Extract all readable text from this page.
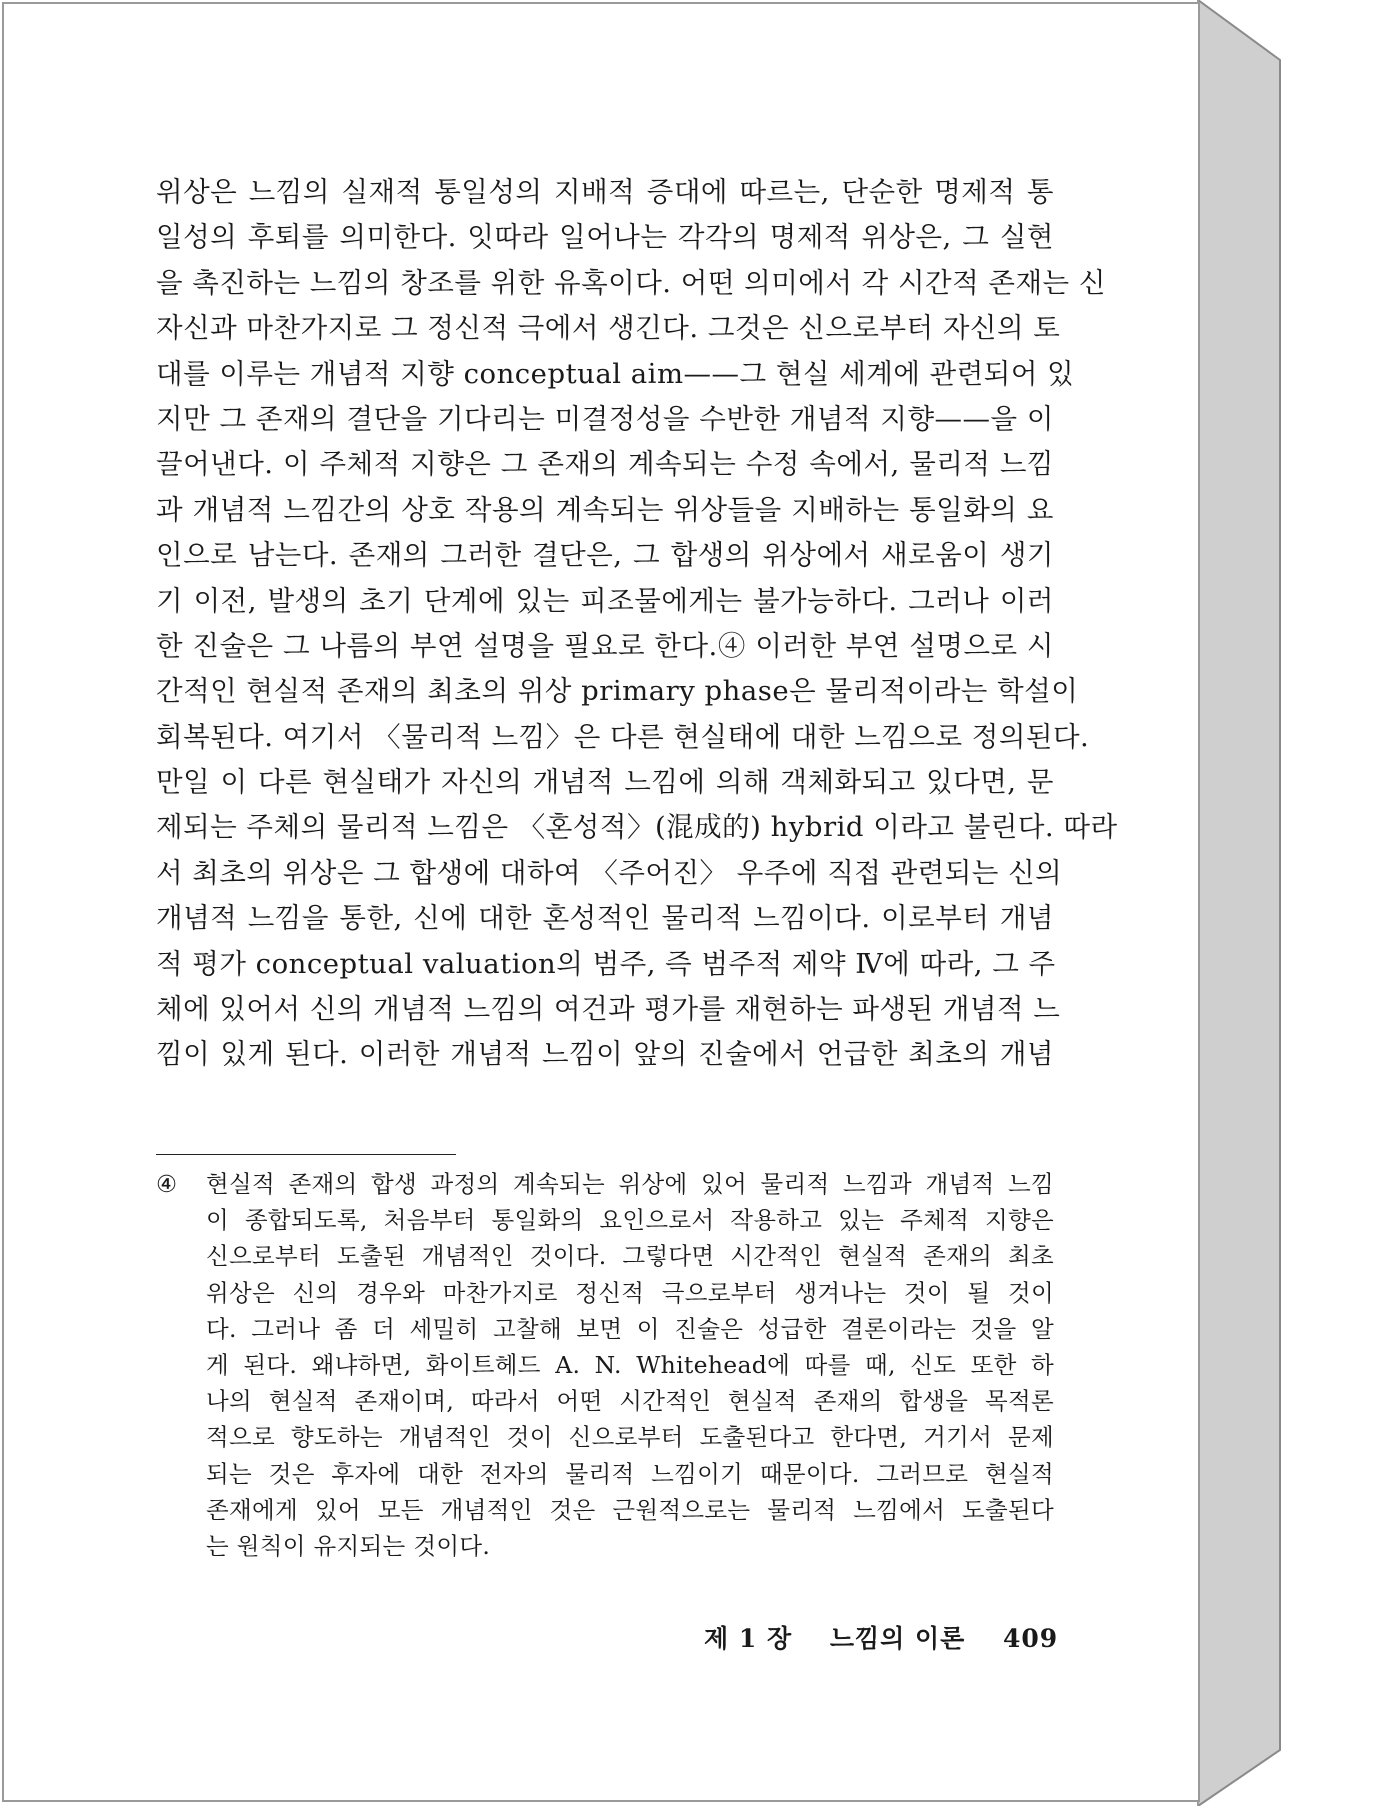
위상은 느낌의 실재적 통일성의 지배적 증대에 따르는, 단순한 명제적 통
일성의 후퇴를 의미한다. 잇따라 일어나는 각각의 명제적 위상은, 그 실현
을 촉진하는 느낌의 창조를 위한 유혹이다. 어떤 의미에서 각 시간적 존재는 신
자신과 마찬가지로 그 정신적 극에서 생긴다. 그것은 신으로부터 자신의 토
대를 이루는 개념적 지향 conceptual aim——그 현실 세계에 관련되어 있
지만 그 존재의 결단을 기다리는 미결정성을 수반한 개념적 지향——을 이
끌어낸다. 이 주체적 지향은 그 존재의 계속되는 수정 속에서, 물리적 느낌
과 개념적 느낌간의 상호 작용의 계속되는 위상들을 지배하는 통일화의 요
인으로 남는다. 존재의 그러한 결단은, 그 합생의 위상에서 새로움이 생기
기 이전, 발생의 초기 단계에 있는 피조물에게는 불가능하다. 그러나 이러
한 진술은 그 나름의 부연 설명을 필요로 한다.④ 이러한 부연 설명으로 시
간적인 현실적 존재의 최초의 위상 primary phase은 물리적이라는 학설이
회복된다. 여기서 〈물리적 느낌〉은 다른 현실태에 대한 느낌으로 정의된다.
만일 이 다른 현실태가 자신의 개념적 느낌에 의해 객체화되고 있다면, 문
제되는 주체의 물리적 느낌은 〈혼성적〉(混成的) hybrid 이라고 불린다. 따라
서 최초의 위상은 그 합생에 대하여 〈주어진〉 우주에 직접 관련되는 신의
개념적 느낌을 통한, 신에 대한 혼성적인 물리적 느낌이다. 이로부터 개념
적 평가 conceptual valuation의 범주, 즉 범주적 제약 Ⅳ에 따라, 그 주
체에 있어서 신의 개념적 느낌의 여건과 평가를 재현하는 파생된 개념적 느
낌이 있게 된다. 이러한 개념적 느낌이 앞의 진술에서 언급한 최초의 개념
④ 현실적 존재의 합생 과정의 계속되는 위상에 있어 물리적 느낌과 개념적 느낌
이 종합되도록, 처음부터 통일화의 요인으로서 작용하고 있는 주체적 지향은
신으로부터 도출된 개념적인 것이다. 그렇다면 시간적인 현실적 존재의 최초
위상은 신의 경우와 마찬가지로 정신적 극으로부터 생겨나는 것이 될 것이
다. 그러나 좀 더 세밀히 고찰해 보면 이 진술은 성급한 결론이라는 것을 알
게 된다. 왜냐하면, 화이트헤드 A. N. Whitehead에 따를 때, 신도 또한 하
나의 현실적 존재이며, 따라서 어떤 시간적인 현실적 존재의 합생을 목적론
적으로 향도하는 개념적인 것이 신으로부터 도출된다고 한다면, 거기서 문제
되는 것은 후자에 대한 전자의 물리적 느낌이기 때문이다. 그러므로 현실적
존재에게 있어 모든 개념적인 것은 근원적으로는 물리적 느낌에서 도출된다
는 원칙이 유지되는 것이다.
제 1 장 느낌의 이론 409
